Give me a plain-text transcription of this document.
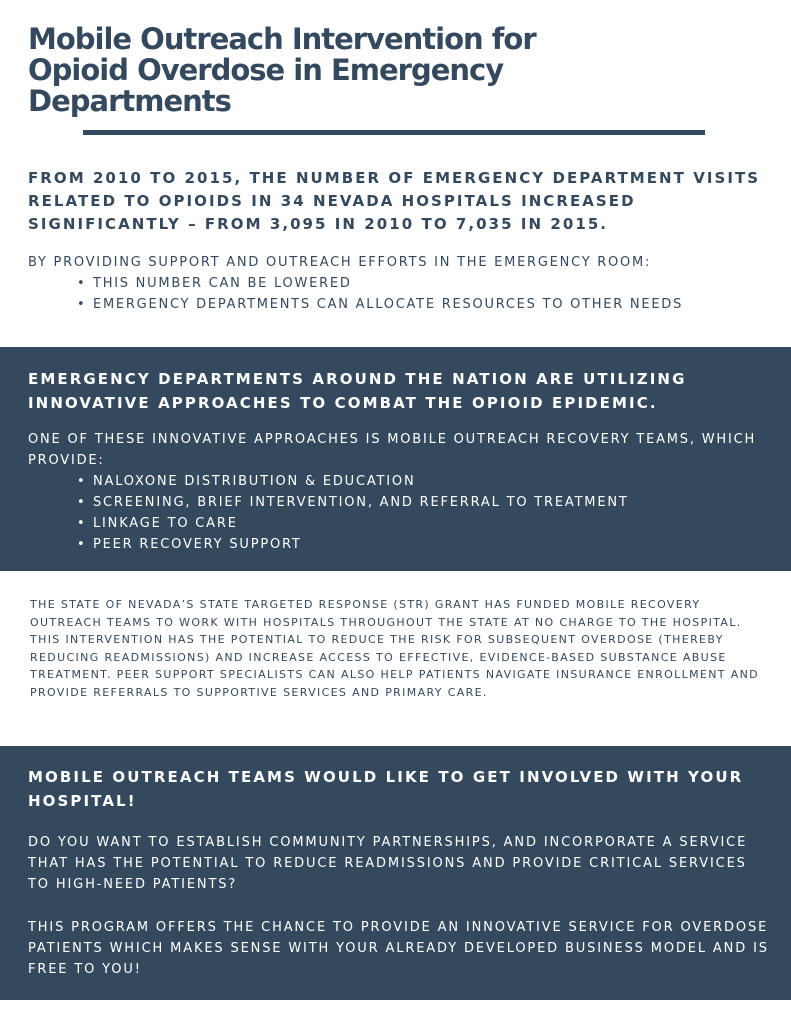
Mobile Outreach Intervention for Opioid Overdose in Emergency Departments

FROM 2010 TO 2015, THE NUMBER OF EMERGENCY DEPARTMENT VISITS RELATED TO OPIOIDS IN 34 NEVADA HOSPITALS INCREASED SIGNIFICANTLY – FROM 3,095 IN 2010 TO 7,035 IN 2015.

BY PROVIDING SUPPORT AND OUTREACH EFFORTS IN THE EMERGENCY ROOM:
• THIS NUMBER CAN BE LOWERED
• EMERGENCY DEPARTMENTS CAN ALLOCATE RESOURCES TO OTHER NEEDS

EMERGENCY DEPARTMENTS AROUND THE NATION ARE UTILIZING INNOVATIVE APPROACHES TO COMBAT THE OPIOID EPIDEMIC.

ONE OF THESE INNOVATIVE APPROACHES IS MOBILE OUTREACH RECOVERY TEAMS, WHICH PROVIDE:
• NALOXONE DISTRIBUTION & EDUCATION
• SCREENING, BRIEF INTERVENTION, AND REFERRAL TO TREATMENT
• LINKAGE TO CARE
• PEER RECOVERY SUPPORT

THE STATE OF NEVADA’S STATE TARGETED RESPONSE (STR) GRANT HAS FUNDED MOBILE RECOVERY OUTREACH TEAMS TO WORK WITH HOSPITALS THROUGHOUT THE STATE AT NO CHARGE TO THE HOSPITAL. THIS INTERVENTION HAS THE POTENTIAL TO REDUCE THE RISK FOR SUBSEQUENT OVERDOSE (THEREBY REDUCING READMISSIONS) AND INCREASE ACCESS TO EFFECTIVE, EVIDENCE-BASED SUBSTANCE ABUSE TREATMENT. PEER SUPPORT SPECIALISTS CAN ALSO HELP PATIENTS NAVIGATE INSURANCE ENROLLMENT AND PROVIDE REFERRALS TO SUPPORTIVE SERVICES AND PRIMARY CARE.

MOBILE OUTREACH TEAMS WOULD LIKE TO GET INVOLVED WITH YOUR HOSPITAL!

DO YOU WANT TO ESTABLISH COMMUNITY PARTNERSHIPS, AND INCORPORATE A SERVICE THAT HAS THE POTENTIAL TO REDUCE READMISSIONS AND PROVIDE CRITICAL SERVICES TO HIGH-NEED PATIENTS?

THIS PROGRAM OFFERS THE CHANCE TO PROVIDE AN INNOVATIVE SERVICE FOR OVERDOSE PATIENTS WHICH MAKES SENSE WITH YOUR ALREADY DEVELOPED BUSINESS MODEL AND IS FREE TO YOU!
